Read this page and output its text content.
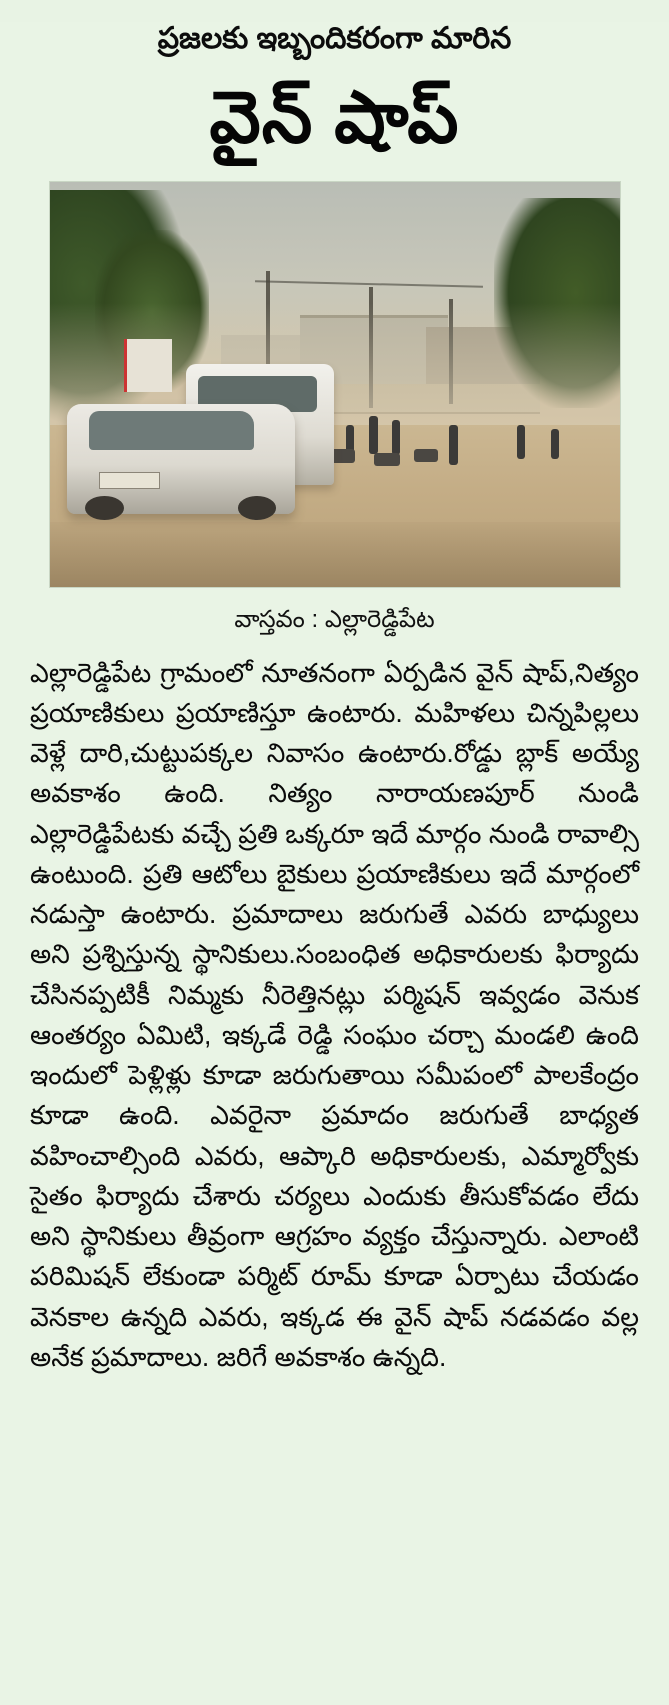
ప్రజలకు ఇబ్బందికరంగా మారిన
వైన్ షాప్
వాస్తవం : ఎల్లారెడ్డిపేట
ఎల్లారెడ్డిపేట గ్రామంలో నూతనంగా ఏర్పడిన వైన్ షాప్,నిత్యం ప్రయాణికులు ప్రయాణిస్తూ ఉంటారు. మహిళలు చిన్నపిల్లలు వెళ్లే దారి,చుట్టుపక్కల నివాసం ఉంటారు.రోడ్డు బ్లాక్ అయ్యే అవకాశం ఉంది. నిత్యం నారాయణపూర్ నుండి ఎల్లారెడ్డిపేటకు వచ్చే ప్రతి ఒక్కరూ ఇదే మార్గం నుండి రావాల్సి ఉంటుంది. ప్రతి ఆటోలు బైకులు ప్రయాణికులు ఇదే మార్గంలో నడుస్తా ఉంటారు. ప్రమాదాలు జరుగుతే ఎవరు బాధ్యులు అని ప్రశ్నిస్తున్న స్థానికులు.సంబంధిత అధికారులకు ఫిర్యాదు చేసినప్పటికీ నిమ్మకు నీరెత్తినట్లు పర్మిషన్ ఇవ్వడం వెనుక ఆంతర్యం ఏమిటి, ఇక్కడే రెడ్డి సంఘం చర్చా మండలి ఉంది ఇందులో పెళ్లిళ్లు కూడా జరుగుతాయి సమీపంలో పాలకేంద్రం కూడా ఉంది. ఎవరైనా ప్రమాదం జరుగుతే బాధ్యత వహించాల్సింది ఎవరు, ఆప్కారి అధికారులకు, ఎమ్మార్వోకు సైతం ఫిర్యాదు చేశారు చర్యలు ఎందుకు తీసుకోవడం లేదు అని స్థానికులు తీవ్రంగా ఆగ్రహం వ్యక్తం చేస్తున్నారు. ఎలాంటి పరిమిషన్ లేకుండా పర్మిట్ రూమ్ కూడా ఏర్పాటు చేయడం వెనకాల ఉన్నది ఎవరు, ఇక్కడ ఈ వైన్ షాప్ నడవడం వల్ల అనేక ప్రమాదాలు. జరిగే అవకాశం ఉన్నది.
